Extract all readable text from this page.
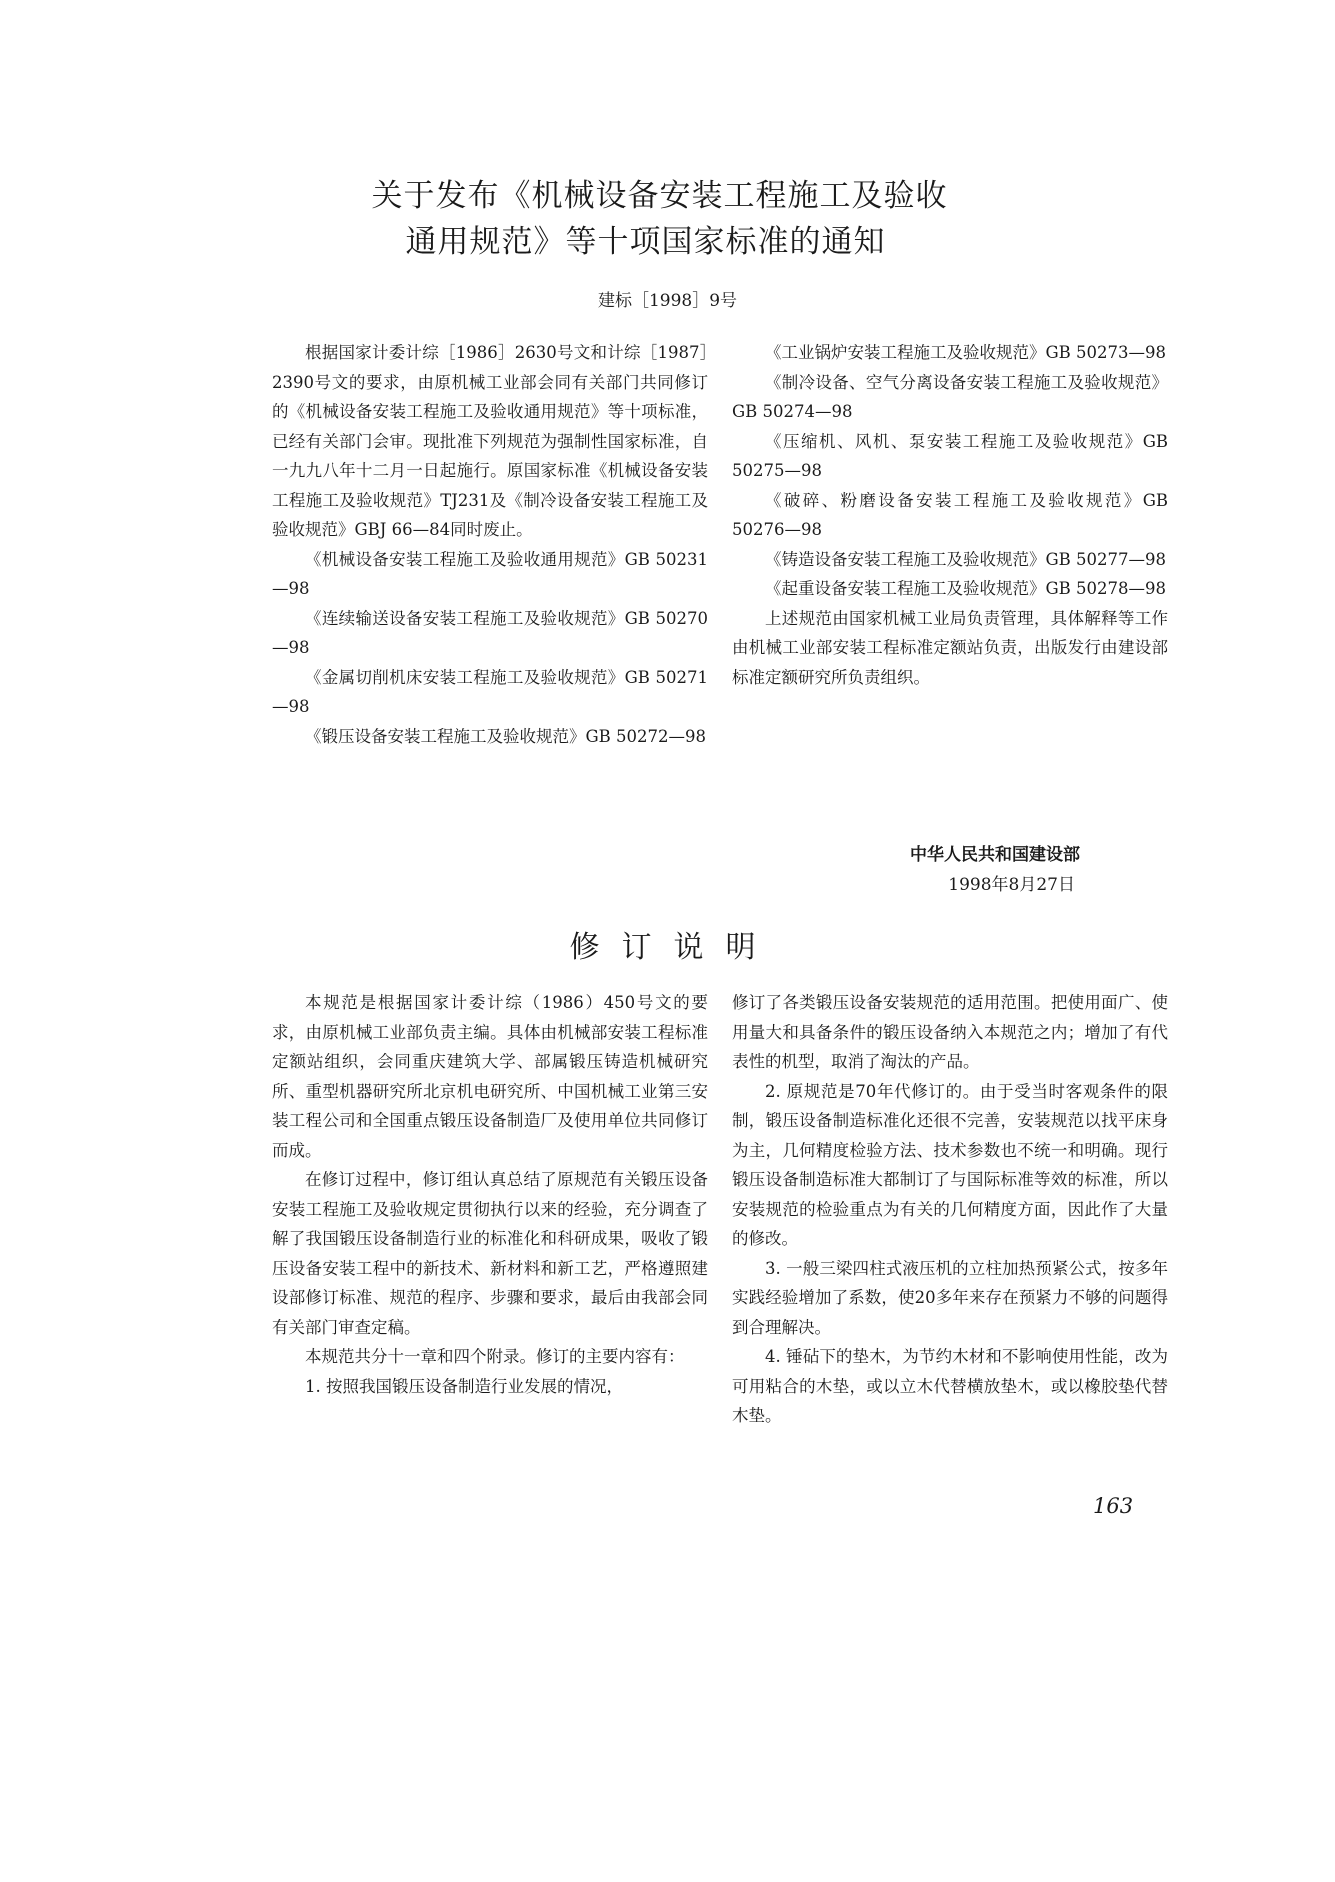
关于发布《机械设备安装工程施工及验收
通用规范》等十项国家标准的通知
建标［1998］9号

根据国家计委计综［1986］2630号文和计综［1987］2390号文的要求，由原机械工业部会同有关部门共同修订的《机械设备安装工程施工及验收通用规范》等十项标准，已经有关部门会审。现批准下列规范为强制性国家标准，自一九九八年十二月一日起施行。原国家标准《机械设备安装工程施工及验收规范》TJ231及《制冷设备安装工程施工及验收规范》GBJ 66—84同时废止。

《机械设备安装工程施工及验收通用规范》GB 50231—98

《连续输送设备安装工程施工及验收规范》GB 50270—98

《金属切削机床安装工程施工及验收规范》GB 50271—98

《锻压设备安装工程施工及验收规范》GB 50272—98

《工业锅炉安装工程施工及验收规范》GB 50273—98

《制冷设备、空气分离设备安装工程施工及验收规范》GB 50274—98

《压缩机、风机、泵安装工程施工及验收规范》GB 50275—98

《破碎、粉磨设备安装工程施工及验收规范》GB 50276—98

《铸造设备安装工程施工及验收规范》GB 50277—98

《起重设备安装工程施工及验收规范》GB 50278—98

上述规范由国家机械工业局负责管理，具体解释等工作由机械工业部安装工程标准定额站负责，出版发行由建设部标准定额研究所负责组织。

中华人民共和国建设部
1998年8月27日
修订说明

本规范是根据国家计委计综（1986）450号文的要求，由原机械工业部负责主编。具体由机械部安装工程标准定额站组织，会同重庆建筑大学、部属锻压铸造机械研究所、重型机器研究所北京机电研究所、中国机械工业第三安装工程公司和全国重点锻压设备制造厂及使用单位共同修订而成。

在修订过程中，修订组认真总结了原规范有关锻压设备安装工程施工及验收规定贯彻执行以来的经验，充分调查了解了我国锻压设备制造行业的标准化和科研成果，吸收了锻压设备安装工程中的新技术、新材料和新工艺，严格遵照建设部修订标准、规范的程序、步骤和要求，最后由我部会同有关部门审查定稿。

本规范共分十一章和四个附录。修订的主要内容有：

1. 按照我国锻压设备制造行业发展的情况，

修订了各类锻压设备安装规范的适用范围。把使用面广、使用量大和具备条件的锻压设备纳入本规范之内；增加了有代表性的机型，取消了淘汰的产品。

2. 原规范是70年代修订的。由于受当时客观条件的限制，锻压设备制造标准化还很不完善，安装规范以找平床身为主，几何精度检验方法、技术参数也不统一和明确。现行锻压设备制造标准大都制订了与国际标准等效的标准，所以安装规范的检验重点为有关的几何精度方面，因此作了大量的修改。

3. 一般三梁四柱式液压机的立柱加热预紧公式，按多年实践经验增加了系数，使20多年来存在预紧力不够的问题得到合理解决。

4. 锤砧下的垫木，为节约木材和不影响使用性能，改为可用粘合的木垫，或以立木代替横放垫木，或以橡胶垫代替木垫。

163
